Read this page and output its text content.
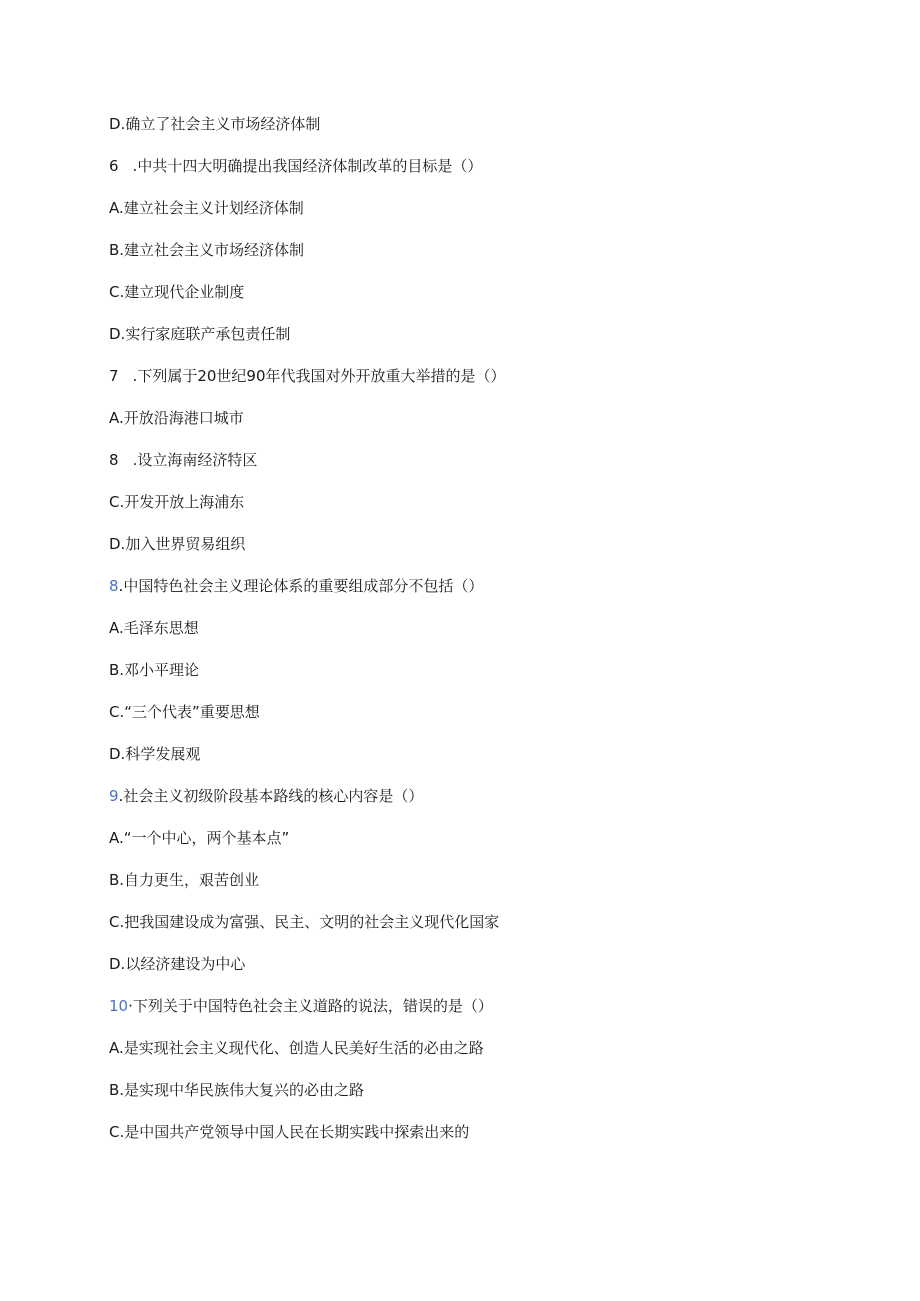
D.确立了社会主义市场经济体制
6 .中共十四大明确提出我国经济体制改革的目标是（）
A.建立社会主义计划经济体制
B.建立社会主义市场经济体制
C.建立现代企业制度
D.实行家庭联产承包责任制
7 .下列属于20世纪90年代我国对外开放重大举措的是（）
A.开放沿海港口城市
8 .设立海南经济特区
C.开发开放上海浦东
D.加入世界贸易组织
8.中国特色社会主义理论体系的重要组成部分不包括（）
A.毛泽东思想
B.邓小平理论
C.“三个代表”重要思想
D.科学发展观
9.社会主义初级阶段基本路线的核心内容是（）
A.“一个中心，两个基本点”
B.自力更生，艰苦创业
C.把我国建设成为富强、民主、文明的社会主义现代化国家
D.以经济建设为中心
10·下列关于中国特色社会主义道路的说法，错误的是（）
A.是实现社会主义现代化、创造人民美好生活的必由之路
B.是实现中华民族伟大复兴的必由之路
C.是中国共产党领导中国人民在长期实践中探索出来的
